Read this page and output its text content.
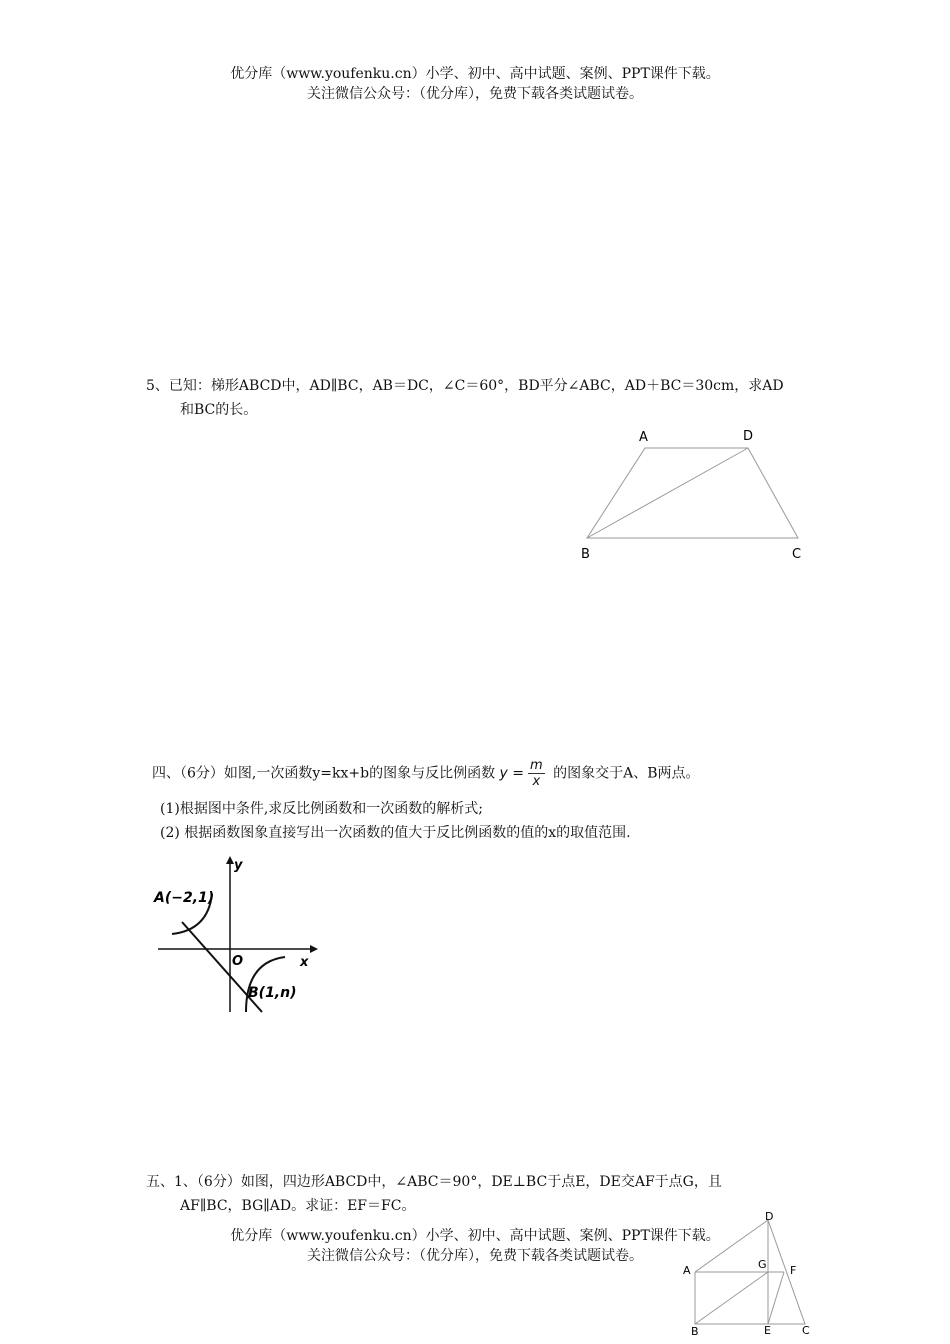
优分库（www.youfenku.cn）小学、初中、高中试题、案例、PPT课件下载。
关注微信公众号：（优分库），免费下载各类试题试卷。
5、已知：梯形ABCD中，AD∥BC，AB＝DC，∠C＝60°，BD平分∠ABC，AD＋BC＝30cm，求AD
和BC的长。
A	D
B	C
四、（6分）如图,一次函数y=kx+b的图象与反比例函数 $y = \frac{m}{x}$ 的图象交于A、B两点。
(1)根据图中条件,求反比例函数和一次函数的解析式;
(2) 根据函数图象直接写出一次函数的值大于反比例函数的值的x的取值范围.
y
x
O
A(−2,1)
B(1,n)
五、1、（6分）如图，四边形ABCD中，∠ABC＝90°，DE⊥BC于点E，DE交AF于点G，且
AF∥BC，BG∥AD。求证：EF＝FC。
优分库（www.youfenku.cn）小学、初中、高中试题、案例、PPT课件下载。
关注微信公众号：（优分库），免费下载各类试题试卷。
D
A	G F
B	E	C
